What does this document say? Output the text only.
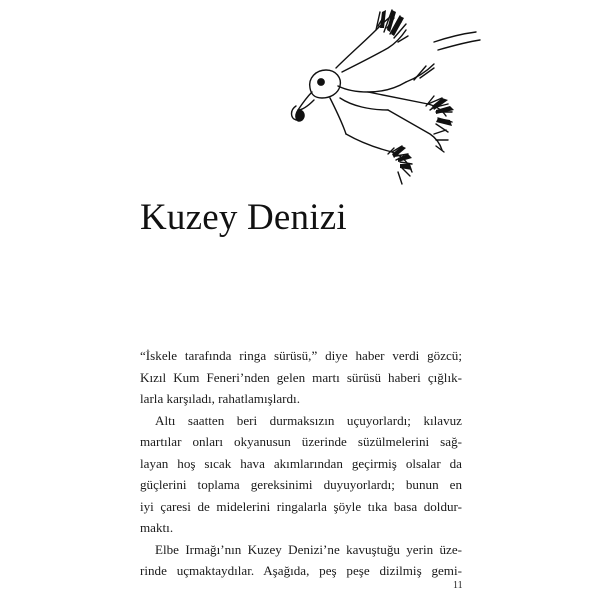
Kuzey Denizi
“İskele tarafında ringa sürüsü,” diye haber verdi gözcü;
Kızıl Kum Feneri’nden gelen martı sürüsü haberi çığlık-
larla karşıladı, rahatlamışlardı.
Altı saatten beri durmaksızın uçuyorlardı; kılavuz
martılar onları okyanusun üzerinde süzülmelerini sağ-
layan hoş sıcak hava akımlarından geçirmiş olsalar da
güçlerini toplama gereksinimi duyuyorlardı; bunun en
iyi çaresi de midelerini ringalarla şöyle tıka basa doldur-
maktı.
Elbe Irmağı’nın Kuzey Denizi’ne kavuştuğu yerin üze-
rinde uçmaktaydılar. Aşağıda, peş peşe dizilmiş gemi-
11
